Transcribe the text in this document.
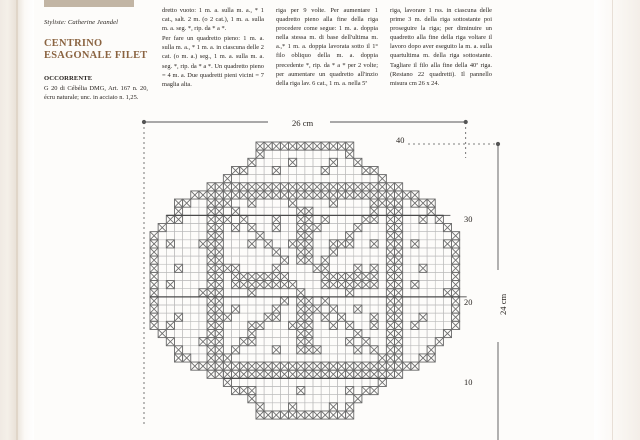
Styliste: Catherine Jeandel
CENTRINO
ESAGONALE FILET
OCCORRENTE
G 20 di Cébélia DMG, Art. 167 n. 20, écru naturale; unc. in acciaio n. 1,25.
dretto vuoto: 1 m. a. sulla m. a., * 1 cat., salt. 2 m. (o 2 cat.), 1 m. a. sulla m. a. seg. *, rip. da * a *.
Per fare un quadretto pieno: 1 m. a. sulla m. a., * 1 m. a. in ciascuna delle 2 cat. (o m. a.) seg., 1 m. a. sulla m. a. seg. *, rip. da * a *. Un quadretto pieno = 4 m. a. Due quadretti pieni vicini = 7 maglia alta.
riga per 9 volte. Per aumentare 1 quadretto pieno alla fine della riga procedere come segue: 1 m. a. doppia nella stessa m. di base dell'ultima m. a.,* 1 m. a. doppia lavorata sotto il 1° filo obliquo della m. a. doppia precedente *, rip. da * a * per 2 volte; per aumentare un quadretto all'inzio della riga lav. 6 cat., 1 m. a. nella 5ª
riga, lavorare 1 rss. in ciascuna delle prime 3 m. della riga sottostante poi proseguire la riga; per diminuire un quadretto alla fine della riga voltare il lavoro dopo aver eseguito la m. a. sulla quartultima m. della riga sottostante. Tagliare il filo alla fine della 40ª riga. (Restano 22 quadretti). Il pannello misura cm 26 x 24.
26 cm
24 cm
40
30
20
10
